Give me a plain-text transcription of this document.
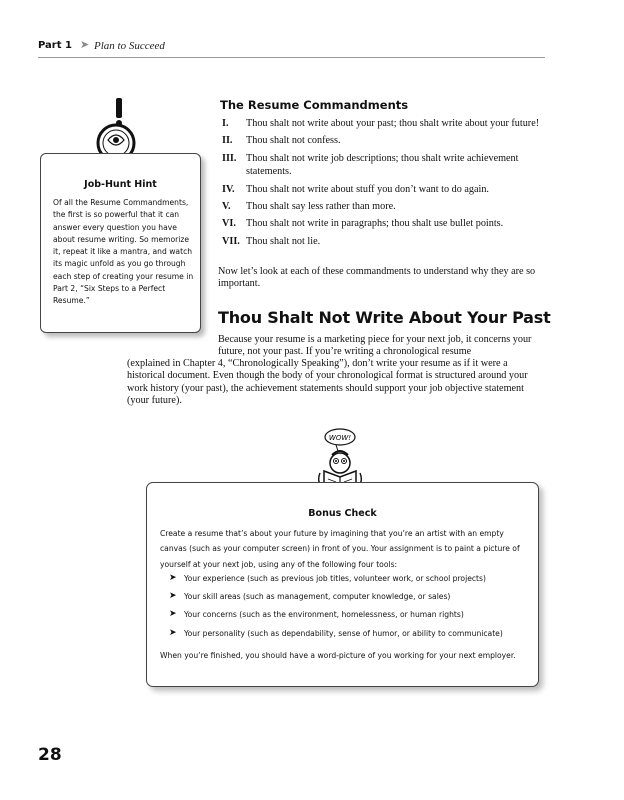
Part 1 ➤ Plan to Succeed
Job-Hunt Hint
Of all the Resume Commandments, the first is so powerful that it can answer every question you have about resume writing. So memorize it, repeat it like a mantra, and watch its magic unfold as you go through each step of creating your resume in Part 2, “Six Steps to a Perfect Resume.”
The Resume Commandments
I. Thou shalt not write about your past; thou shalt write about your future!
II. Thou shalt not confess.
III. Thou shalt not write job descriptions; thou shalt write achievement statements.
IV. Thou shalt not write about stuff you don’t want to do again.
V. Thou shalt say less rather than more.
VI. Thou shalt not write in paragraphs; thou shalt use bullet points.
VII. Thou shalt not lie.
Now let’s look at each of these commandments to understand why they are so important.
Thou Shalt Not Write About Your Past
Because your resume is a marketing piece for your next job, it concerns your future, not your past. If you’re writing a chronological resume
(explained in Chapter 4, “Chronologically Speaking”), don’t write your resume as if it were a historical document. Even though the body of your chronological format is structured around your work history (your past), the achievement statements should support your job objective statement (your future).
WOW!
Bonus Check
Create a resume that’s about your future by imagining that you’re an artist with an empty canvas (such as your computer screen) in front of you. Your assignment is to paint a picture of yourself at your next job, using any of the following four tools:
➤ Your experience (such as previous job titles, volunteer work, or school projects)
➤ Your skill areas (such as management, computer knowledge, or sales)
➤ Your concerns (such as the environment, homelessness, or human rights)
➤ Your personality (such as dependability, sense of humor, or ability to communicate)
When you’re finished, you should have a word-picture of you working for your next employer.
28
